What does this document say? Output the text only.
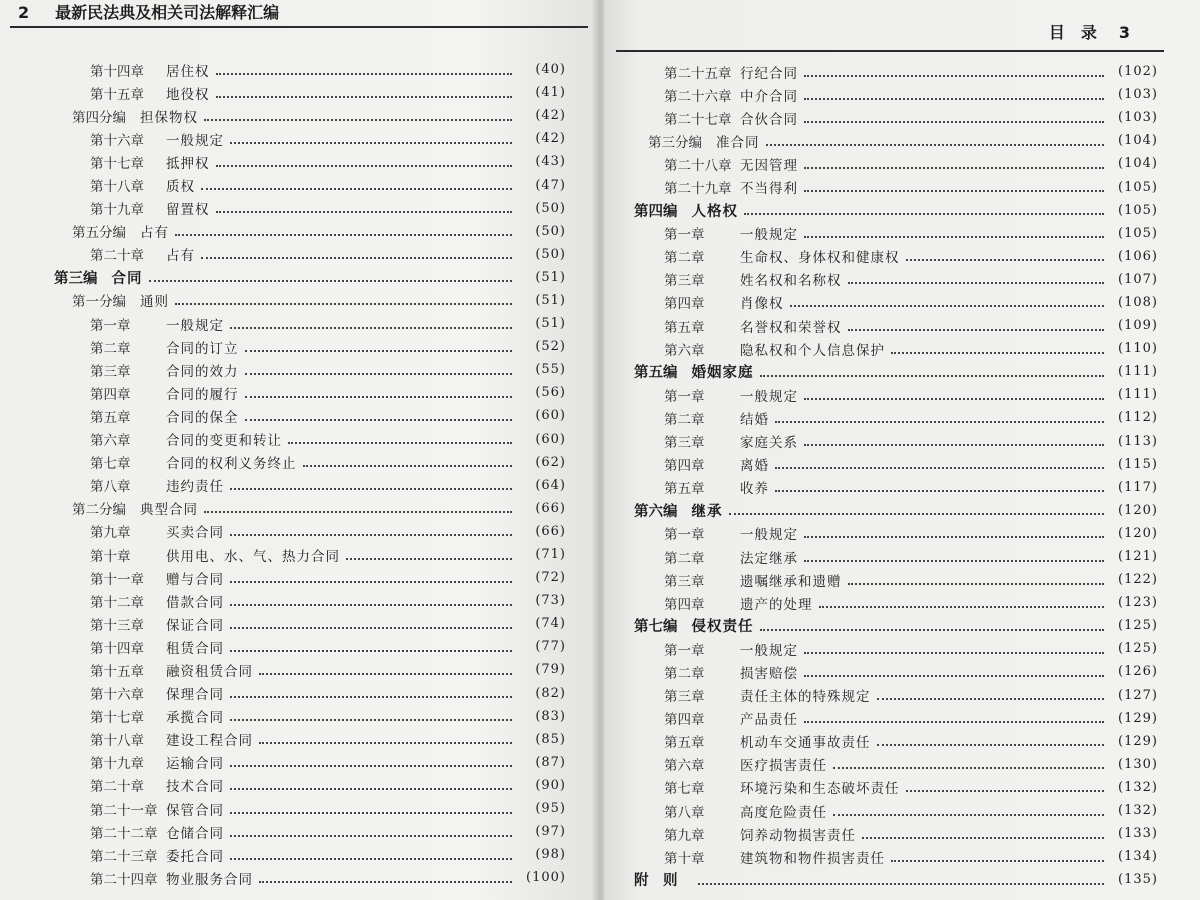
2 最新民法典及相关司法解释汇编
第十四章	居住权	(40)
第十五章	地役权	(41)
第四分编 担保物权	(42)
第十六章	一般规定	(42)
第十七章	抵押权	(43)
第十八章	质权	(47)
第十九章	留置权	(50)
第五分编 占有	(50)
第二十章	占有	(50)
第三编 合同	(51)
第一分编 通则	(51)
第一章	一般规定	(51)
第二章	合同的订立	(52)
第三章	合同的效力	(55)
第四章	合同的履行	(56)
第五章	合同的保全	(60)
第六章	合同的变更和转让	(60)
第七章	合同的权利义务终止	(62)
第八章	违约责任	(64)
第二分编 典型合同	(66)
第九章	买卖合同	(66)
第十章	供用电、水、气、热力合同	(71)
第十一章	赠与合同	(72)
第十二章	借款合同	(73)
第十三章	保证合同	(74)
第十四章	租赁合同	(77)
第十五章	融资租赁合同	(79)
第十六章	保理合同	(82)
第十七章	承揽合同	(83)
第十八章	建设工程合同	(85)
第十九章	运输合同	(87)
第二十章	技术合同	(90)
第二十一章 保管合同	(95)
第二十二章 仓储合同	(97)
第二十三章 委托合同	(98)
第二十四章 物业服务合同	(100)
目　录 3
第二十五章 行纪合同	(102)
第二十六章 中介合同	(103)
第二十七章 合伙合同	(103)
第三分编 准合同	(104)
第二十八章 无因管理	(104)
第二十九章 不当得利	(105)
第四编 人格权	(105)
第一章	一般规定	(105)
第二章	生命权、身体权和健康权	(106)
第三章	姓名权和名称权	(107)
第四章	肖像权	(108)
第五章	名誉权和荣誉权	(109)
第六章	隐私权和个人信息保护	(110)
第五编 婚姻家庭	(111)
第一章	一般规定	(111)
第二章	结婚	(112)
第三章	家庭关系	(113)
第四章	离婚	(115)
第五章	收养	(117)
第六编 继承	(120)
第一章	一般规定	(120)
第二章	法定继承	(121)
第三章	遗嘱继承和遗赠	(122)
第四章	遗产的处理	(123)
第七编 侵权责任	(125)
第一章	一般规定	(125)
第二章	损害赔偿	(126)
第三章	责任主体的特殊规定	(127)
第四章	产品责任	(129)
第五章	机动车交通事故责任	(129)
第六章	医疗损害责任	(130)
第七章	环境污染和生态破坏责任	(132)
第八章	高度危险责任	(132)
第九章	饲养动物损害责任	(133)
第十章	建筑物和物件损害责任	(134)
附　则	(135)
